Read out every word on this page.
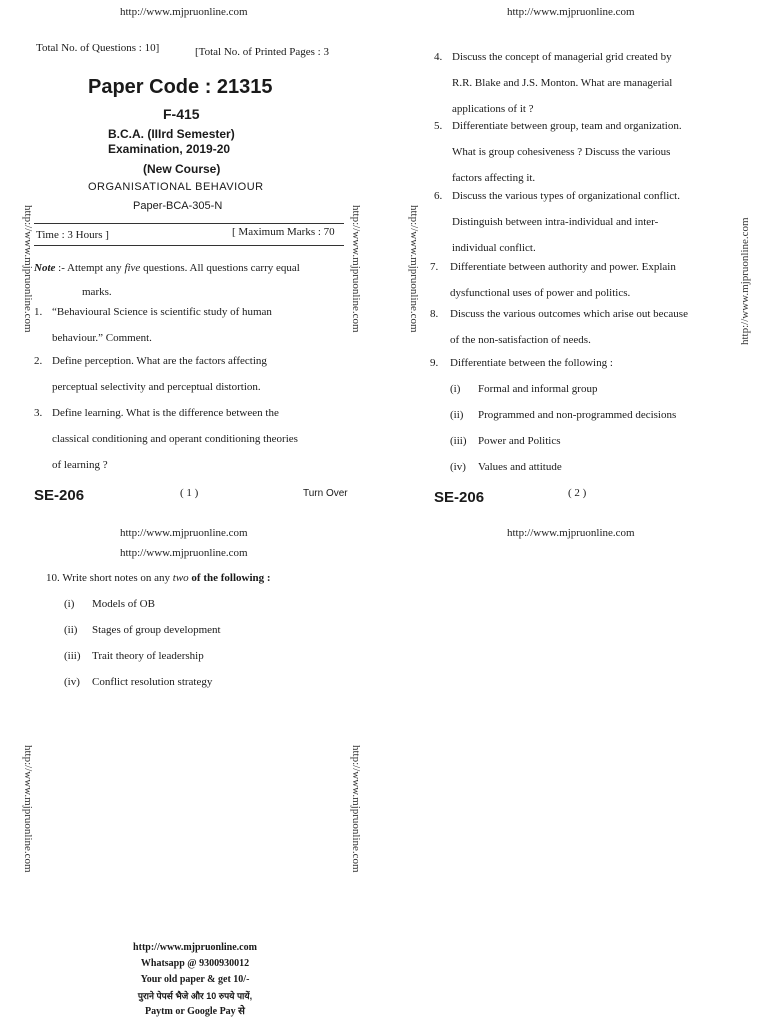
http://www.mjpruonline.com
Total No. of Questions : 10]	[Total No. of Printed Pages : 3
Paper Code : 21315
F-415
B.C.A. (IIIrd Semester)
Examination, 2019-20
(New Course)
ORGANISATIONAL BEHAVIOUR
Paper-BCA-305-N
Time : 3 Hours ]	[ Maximum Marks : 70
Note :- Attempt any five questions. All questions carry equal
marks.
1. “Behavioural Science is scientific study of human
behaviour.” Comment.
2. Define perception. What are the factors affecting
perceptual selectivity and perceptual distortion.
3. Define learning. What is the difference between the
classical conditioning and operant conditioning theories
of learning ?
SE-206	( 1 )	Turn Over
http://www.mjpruonline.com	http://www.mjpruonline.com
http://www.mjpruonline.com
4. Discuss the concept of managerial grid created by
R.R. Blake and J.S. Monton. What are managerial
applications of it ?
5. Differentiate between group, team and organization.
What is group cohesiveness ? Discuss the various
factors affecting it.
6. Discuss the various types of organizational conflict.
Distinguish between intra-individual and inter-
individual conflict.
7. Differentiate between authority and power. Explain
dysfunctional uses of power and politics.
8. Discuss the various outcomes which arise out because
of the non-satisfaction of needs.
9.	Differentiate between the following :
(i) Formal and informal group
(ii) Programmed and non-programmed decisions
(iii) Power and Politics
(iv) Values and attitude
SE-206	( 2 )
http://www.mjpruonline.com
http://www.mjpruonline.com	http://www.mjpruonline.com
http://www.mjpruonline.com
http://www.mjpruonline.com
10. Write short notes on any two of the following :
(i) Models of OB
(ii) Stages of group development
(iii) Trait theory of leadership
(iv) Conflict resolution strategy
http://www.mjpruonline.com	http://www.mjpruonline.com
http://www.mjpruonline.com
Whatsapp @ 9300930012
Your old paper & get 10/-
पुराने पेपर्स भैजे और 10 रुपये पायें,
Paytm or Google Pay से
